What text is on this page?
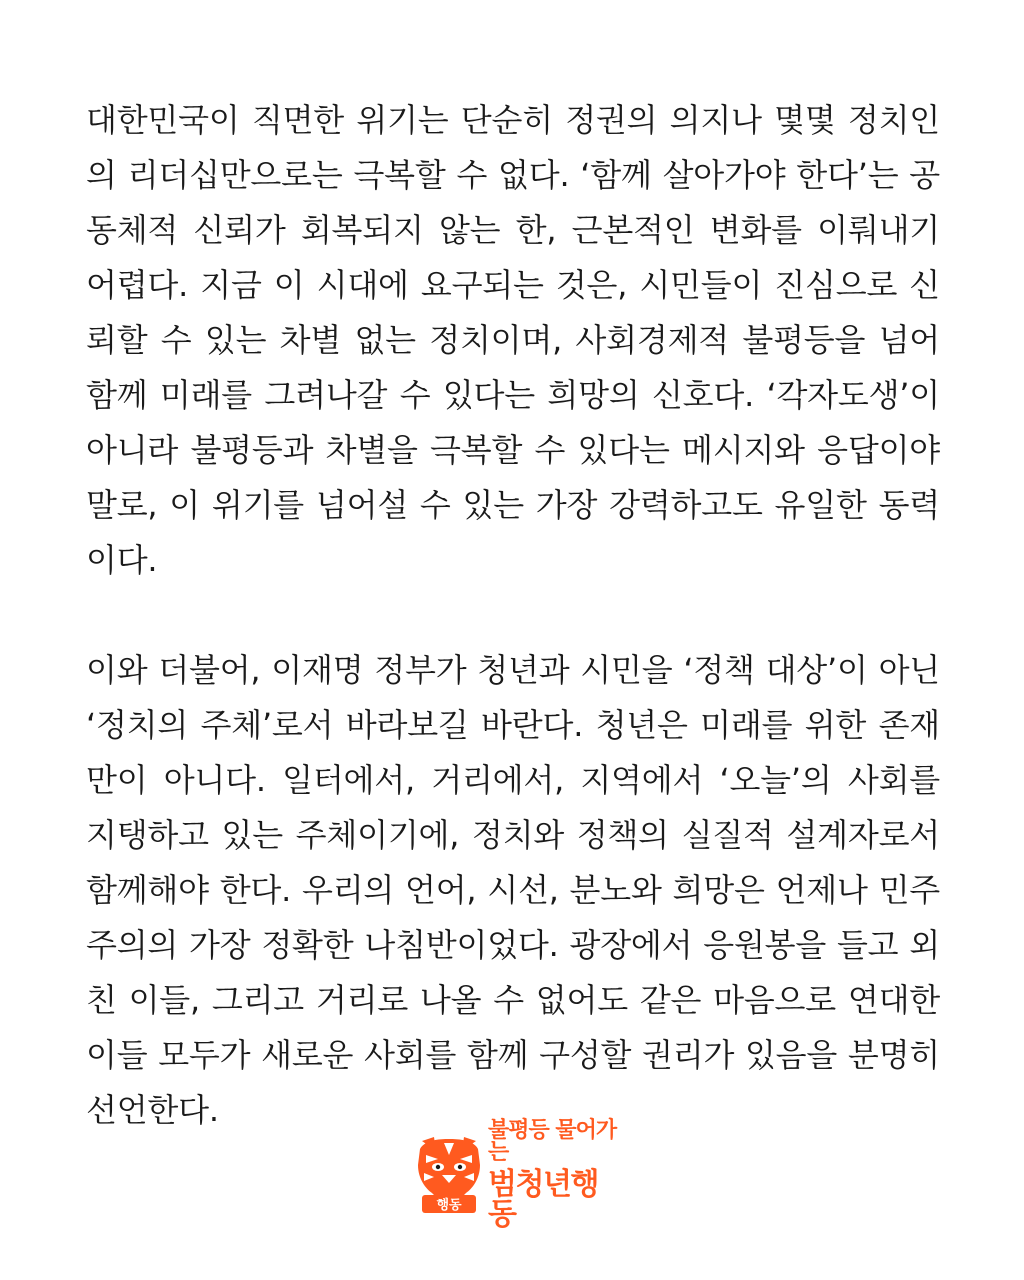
대한민국이 직면한 위기는 단순히 정권의 의지나 몇몇 정치인의 리더십만으로는 극복할 수 없다. ‘함께 살아가야 한다’는 공동체적 신뢰가 회복되지 않는 한, 근본적인 변화를 이뤄내기 어렵다. 지금 이 시대에 요구되는 것은, 시민들이 진심으로 신뢰할 수 있는 차별 없는 정치이며, 사회경제적 불평등을 넘어 함께 미래를 그려나갈 수 있다는 희망의 신호다. ‘각자도생’이 아니라 불평등과 차별을 극복할 수 있다는 메시지와 응답이야말로, 이 위기를 넘어설 수 있는 가장 강력하고도 유일한 동력이다.

이와 더불어, 이재명 정부가 청년과 시민을 ‘정책 대상’이 아닌 ‘정치의 주체’로서 바라보길 바란다. 청년은 미래를 위한 존재만이 아니다. 일터에서, 거리에서, 지역에서 ‘오늘’의 사회를 지탱하고 있는 주체이기에, 정치와 정책의 실질적 설계자로서 함께해야 한다. 우리의 언어, 시선, 분노와 희망은 언제나 민주주의의 가장 정확한 나침반이었다. 광장에서 응원봉을 들고 외친 이들, 그리고 거리로 나올 수 없어도 같은 마음으로 연대한 이들 모두가 새로운 사회를 함께 구성할 권리가 있음을 분명히 선언한다.

행동
불평등 물어가는
범청년행동
